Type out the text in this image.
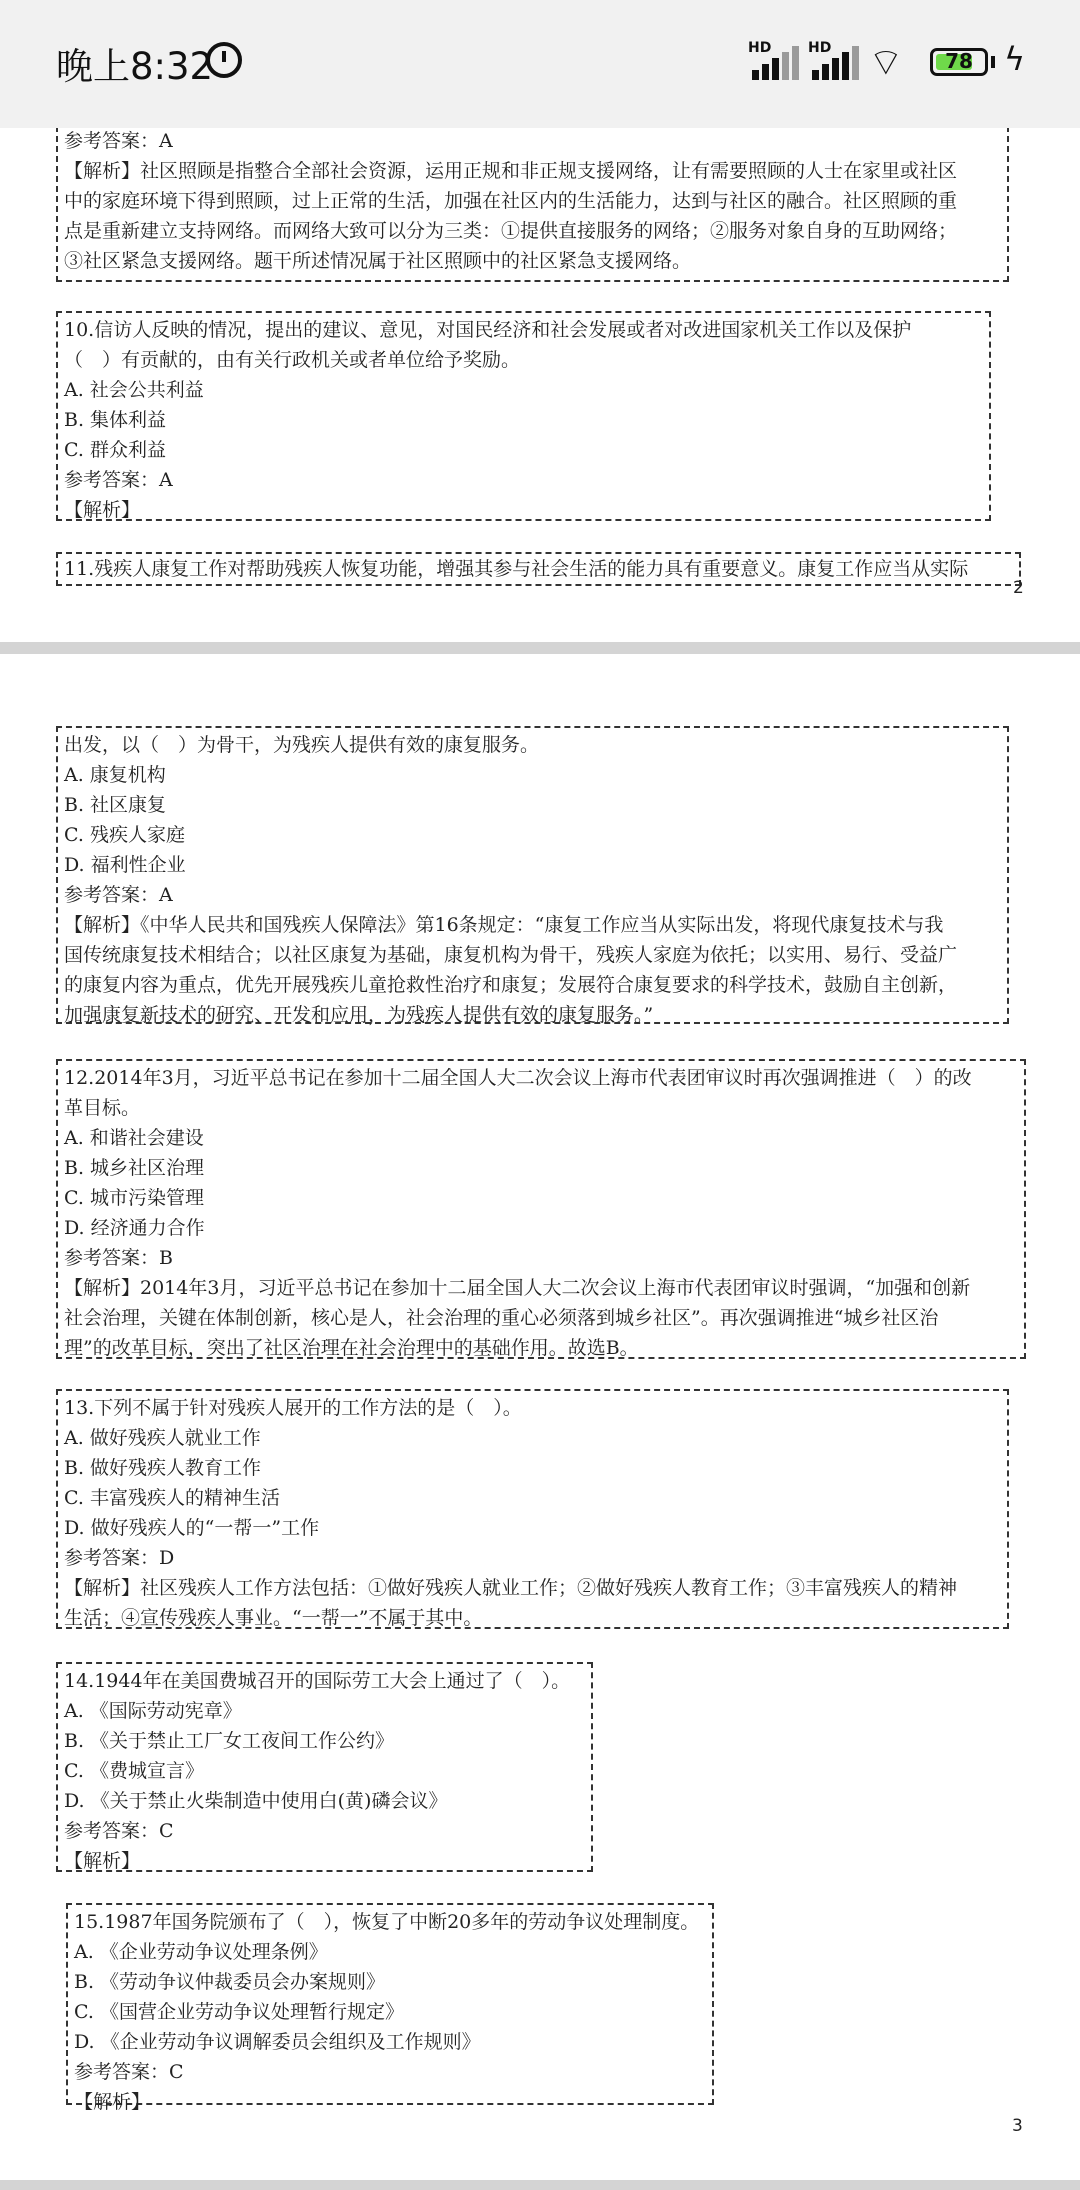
晚上8:32	HD	HD ⌔	78 ϟ
参考答案：A
【解析】社区照顾是指整合全部社会资源，运用正规和非正规支援网络，让有需要照顾的人士在家里或社区
中的家庭环境下得到照顾，过上正常的生活，加强在社区内的生活能力，达到与社区的融合。社区照顾的重
点是重新建立支持网络。而网络大致可以分为三类：①提供直接服务的网络；②服务对象自身的互助网络；
③社区紧急支援网络。题干所述情况属于社区照顾中的社区紧急支援网络。
10.信访人反映的情况，提出的建议、意见，对国民经济和社会发展或者对改进国家机关工作以及保护
（　）有贡献的，由有关行政机关或者单位给予奖励。
A. 社会公共利益
B. 集体利益
C. 群众利益
参考答案：A
【解析】
11.残疾人康复工作对帮助残疾人恢复功能，增强其参与社会生活的能力具有重要意义。康复工作应当从实际
2
出发，以（　）为骨干，为残疾人提供有效的康复服务。
A. 康复机构
B. 社区康复
C. 残疾人家庭
D. 福利性企业
参考答案：A
【解析】《中华人民共和国残疾人保障法》第16条规定：“康复工作应当从实际出发，将现代康复技术与我
国传统康复技术相结合；以社区康复为基础，康复机构为骨干，残疾人家庭为依托；以实用、易行、受益广
的康复内容为重点，优先开展残疾儿童抢救性治疗和康复；发展符合康复要求的科学技术，鼓励自主创新，
加强康复新技术的研究、开发和应用，为残疾人提供有效的康复服务。”
12.2014年3月，习近平总书记在参加十二届全国人大二次会议上海市代表团审议时再次强调推进（　）的改
革目标。
A. 和谐社会建设
B. 城乡社区治理
C. 城市污染管理
D. 经济通力合作
参考答案：B
【解析】2014年3月，习近平总书记在参加十二届全国人大二次会议上海市代表团审议时强调，“加强和创新
社会治理，关键在体制创新，核心是人，社会治理的重心必须落到城乡社区”。再次强调推进“城乡社区治
理”的改革目标，突出了社区治理在社会治理中的基础作用。故选B。
13.下列不属于针对残疾人展开的工作方法的是（　）。
A. 做好残疾人就业工作
B. 做好残疾人教育工作
C. 丰富残疾人的精神生活
D. 做好残疾人的“一帮一”工作
参考答案：D
【解析】社区残疾人工作方法包括：①做好残疾人就业工作；②做好残疾人教育工作；③丰富残疾人的精神
生活；④宣传残疾人事业。“一帮一”不属于其中。
14.1944年在美国费城召开的国际劳工大会上通过了（　）。
A. 《国际劳动宪章》
B. 《关于禁止工厂女工夜间工作公约》
C. 《费城宣言》
D. 《关于禁止火柴制造中使用白(黄)磷会议》
参考答案：C
【解析】
15.1987年国务院颁布了（　），恢复了中断20多年的劳动争议处理制度。
A. 《企业劳动争议处理条例》
B. 《劳动争议仲裁委员会办案规则》
C. 《国营企业劳动争议处理暂行规定》
D. 《企业劳动争议调解委员会组织及工作规则》
参考答案：C
【解析】
3
